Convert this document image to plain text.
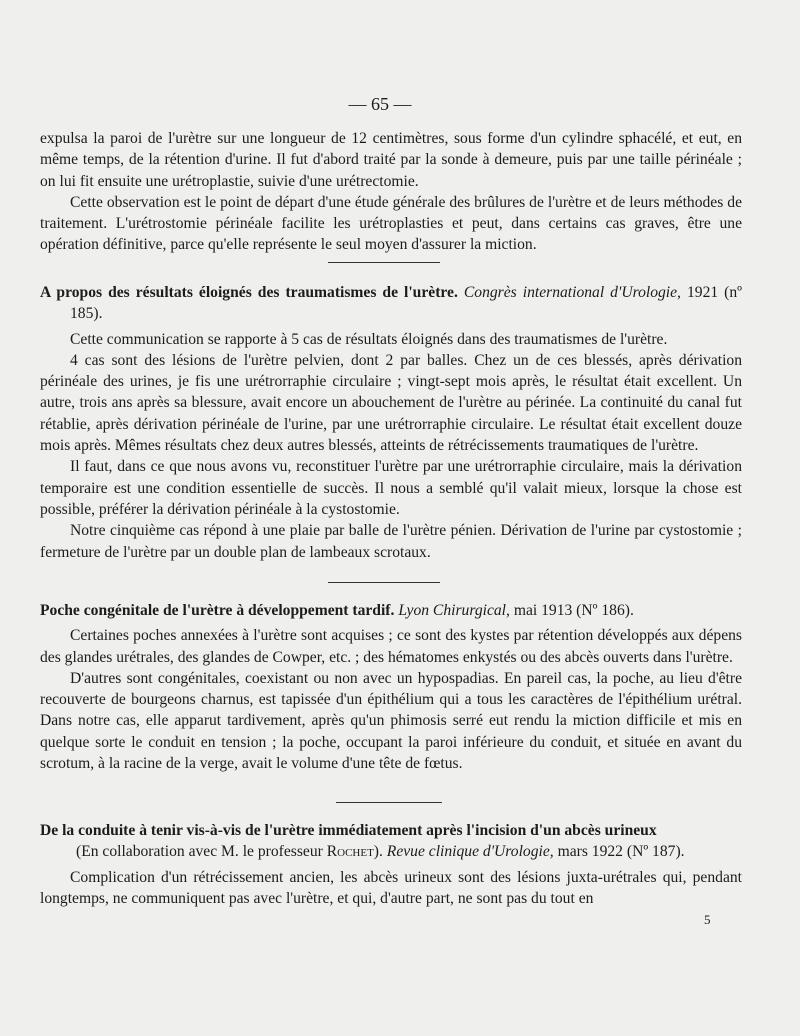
— 65 —

expulsa la paroi de l'urètre sur une longueur de 12 centimètres, sous forme d'un cylindre sphacélé, et eut, en même temps, de la rétention d'urine. Il fut d'abord traité par la sonde à demeure, puis par une taille périnéale ; on lui fit ensuite une urétroplastie, suivie d'une urétrectomie.

Cette observation est le point de départ d'une étude générale des brûlures de l'urètre et de leurs méthodes de traitement. L'urétrostomie périnéale facilite les urétroplasties et peut, dans certains cas graves, être une opération définitive, parce qu'elle représente le seul moyen d'assurer la miction.

A propos des résultats éloignés des traumatismes de l'urètre. Congrès international d'Urologie, 1921 (nº 185).

Cette communication se rapporte à 5 cas de résultats éloignés dans des traumatismes de l'urètre.

4 cas sont des lésions de l'urètre pelvien, dont 2 par balles. Chez un de ces blessés, après dérivation périnéale des urines, je fis une urétrorraphie circulaire ; vingt-sept mois après, le résultat était excellent. Un autre, trois ans après sa blessure, avait encore un abouchement de l'urètre au périnée. La continuité du canal fut rétablie, après dérivation périnéale de l'urine, par une urétrorraphie circulaire. Le résultat était excellent douze mois après. Mêmes résultats chez deux autres blessés, atteints de rétrécissements traumatiques de l'urètre.

Il faut, dans ce que nous avons vu, reconstituer l'urètre par une urétrorraphie circulaire, mais la dérivation temporaire est une condition essentielle de succès. Il nous a semblé qu'il valait mieux, lorsque la chose est possible, préférer la dérivation périnéale à la cystostomie.

Notre cinquième cas répond à une plaie par balle de l'urètre pénien. Dérivation de l'urine par cystostomie ; fermeture de l'urètre par un double plan de lambeaux scrotaux.

Poche congénitale de l'urètre à développement tardif. Lyon Chirurgical, mai 1913 (Nº 186).

Certaines poches annexées à l'urètre sont acquises ; ce sont des kystes par rétention développés aux dépens des glandes urétrales, des glandes de Cowper, etc. ; des hématomes enkystés ou des abcès ouverts dans l'urètre.

D'autres sont congénitales, coexistant ou non avec un hypospadias. En pareil cas, la poche, au lieu d'être recouverte de bourgeons charnus, est tapissée d'un épithélium qui a tous les caractères de l'épithélium urétral. Dans notre cas, elle apparut tardivement, après qu'un phimosis serré eut rendu la miction difficile et mis en quelque sorte le conduit en tension ; la poche, occupant la paroi inférieure du conduit, et située en avant du scrotum, à la racine de la verge, avait le volume d'une tête de fœtus.

De la conduite à tenir vis-à-vis de l'urètre immédiatement après l'incision d'un abcès urineux
(En collaboration avec M. le professeur Rochet). Revue clinique d'Urologie, mars 1922 (Nº 187).

Complication d'un rétrécissement ancien, les abcès urineux sont des lésions juxta-urétrales qui, pendant longtemps, ne communiquent pas avec l'urètre, et qui, d'autre part, ne sont pas du tout en

5
